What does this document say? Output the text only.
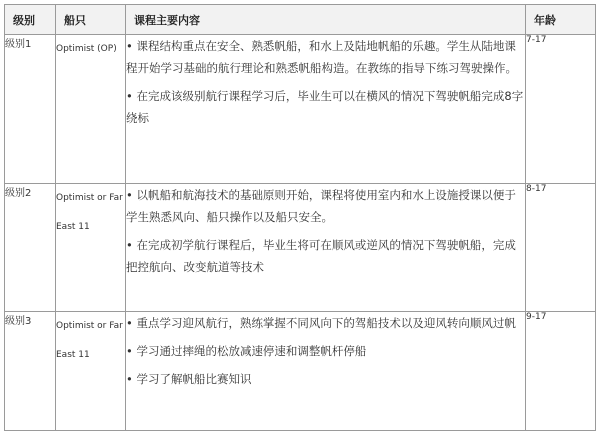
级别	船只	课程主要内容	年龄
级别1	Optimist (OP)	• 课程结构重点在安全、熟悉帆船，和水上及陆地帆船的乐趣。学生从陆地课程开始学习基础的航行理论和熟悉帆船构造。在教练的指导下练习驾驶操作。

• 在完成该级别航行课程学习后，毕业生可以在横风的情况下驾驶帆船完成8字绕标	7-17
级别2	Optimist or Far East 11	• 以帆船和航海技术的基础原则开始，课程将使用室内和水上设施授课以便于学生熟悉风向、船只操作以及船只安全。

• 在完成初学航行课程后，毕业生将可在顺风或逆风的情况下驾驶帆船，完成把控航向、改变航道等技术	8-17
级别3	Optimist or Far East 11	• 重点学习迎风航行，熟练掌握不同风向下的驾船技术以及迎风转向顺风过帆

• 学习通过摔绳的松放减速停速和调整帆杆停船

• 学习了解帆船比赛知识	9-17
